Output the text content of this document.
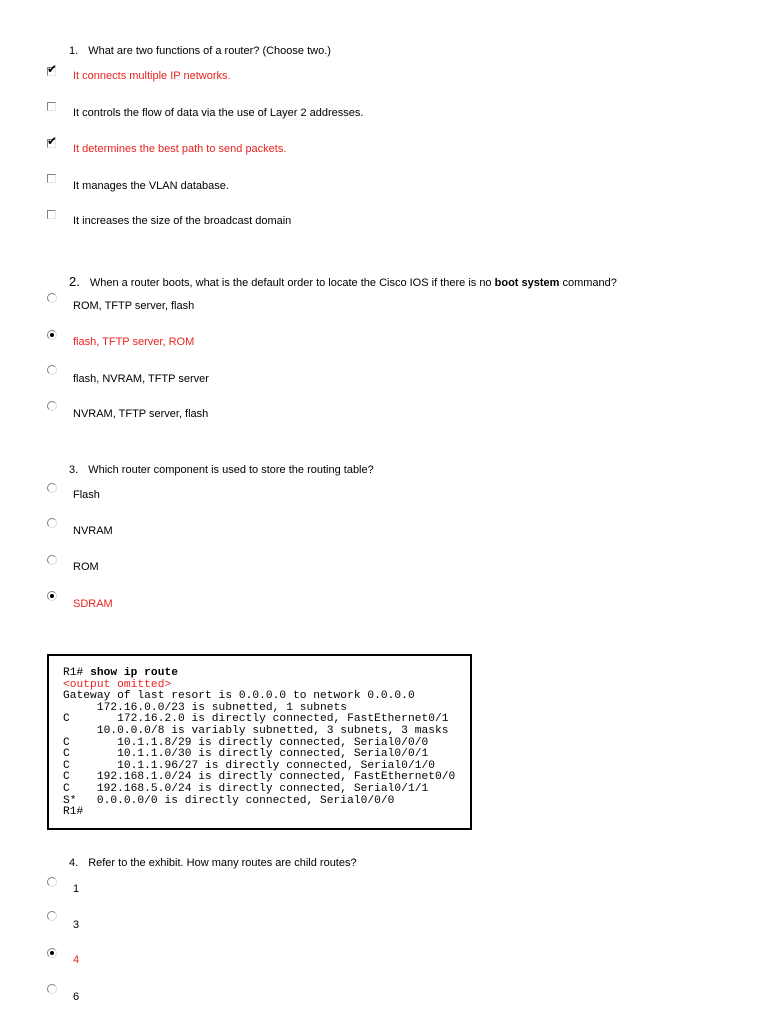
1. What are two functions of a router? (Choose two.)
✔ It connects multiple IP networks.
It controls the flow of data via the use of Layer 2 addresses.
✔
It determines the best path to send packets.
It manages the VLAN database.
It increases the size of the broadcast domain
2. When a router boots, what is the default order to locate the Cisco IOS if there is no boot system command?
ROM, TFTP server, flash
flash, TFTP server, ROM
flash, NVRAM, TFTP server
NVRAM, TFTP server, flash
3. Which router component is used to store the routing table?
Flash
NVRAM
ROM
SDRAM
R1# show ip route
<output omitted>
Gateway of last resort is 0.0.0.0 to network 0.0.0.0
172.16.0.0/23 is subnetted, 1 subnets
C       172.16.2.0 is directly connected, FastEthernet0/1
10.0.0.0/8 is variably subnetted, 3 subnets, 3 masks
C       10.1.1.8/29 is directly connected, Serial0/0/0
C       10.1.1.0/30 is directly connected, Serial0/0/1
C       10.1.1.96/27 is directly connected, Serial0/1/0
C    192.168.1.0/24 is directly connected, FastEthernet0/0
C    192.168.5.0/24 is directly connected, Serial0/1/1
S*   0.0.0.0/0 is directly connected, Serial0/0/0
R1#
4. Refer to the exhibit. How many routes are child routes?
1
3
4
6
